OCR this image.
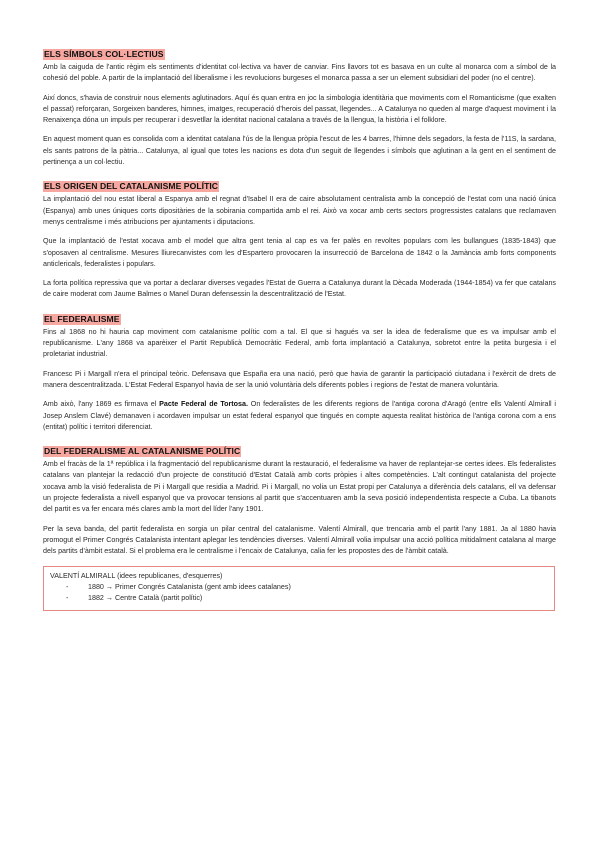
ELS SÍMBOLS COL·LECTIUS

Amb la caiguda de l'antic règim els sentiments d'identitat col·lectiva va haver de canviar. Fins llavors tot es basava en un culte al monarca com a símbol de la cohesió del poble. A partir de la implantació del liberalisme i les revolucions burgeses el monarca passa a ser un element subsidiari del poder (no el centre).

Així doncs, s'havia de construir nous elements aglutinadors. Aquí és quan entra en joc la simbologia identitària que moviments com el Romanticisme (que exalten el passat) reforçaran, Sorgeixen banderes, himnes, imatges, recuperació d'herois del passat, llegendes... A Catalunya no queden al marge d'aquest moviment i la Renaixença dóna un impuls per recuperar i desvetllar la identitat nacional catalana a través de la llengua, la història i el folklore.

En aquest moment quan es consolida com a identitat catalana l'ús de la llengua pròpia l'escut de les 4 barres, l'himne dels segadors, la festa de l'11S, la sardana, els sants patrons de la pàtria... Catalunya, al igual que totes les nacions es dota d'un seguit de llegendes i símbols que aglutinan a la gent en el sentiment de pertinença a un col·lectiu.

ELS ORIGEN DEL CATALANISME POLÍTIC

La implantació del nou estat liberal a Espanya amb el regnat d'Isabel II era de caire absolutament centralista amb la concepció de l'estat com una nació única (Espanya) amb unes úniques corts dipositàries de la sobirania compartida amb el rei. Això va xocar amb certs sectors progressistes catalans que reclamaven menys centralisme i més atribucions per ajuntaments i diputacions.

Que la implantació de l'estat xocava amb el model que altra gent tenia al cap es va fer palès en revoltes populars com les bullangues (1835-1843) que s'oposaven al centralisme. Mesures lliurecanvistes com les d'Espartero provocaren la insurrecció de Barcelona de 1842 o la Jamància amb forts components anticlericals, federalistes i populars.

La forta política repressiva que va portar a declarar diverses vegades l'Estat de Guerra a Catalunya durant la Dècada Moderada (1944-1854) va fer que catalans de caire moderat com Jaume Balmes o Manel Duran defensessin la descentralització de l'Estat.

EL FEDERALISME

Fins al 1868 no hi hauria cap moviment com catalanisme polític com a tal. El que si hagués va ser la idea de federalisme que es va impulsar amb el republicanisme. L'any 1868 va aparèixer el Partit Republicà Democràtic Federal, amb forta implantació a Catalunya, sobretot entre la petita burgesia i el proletariat industrial.

Francesc Pi i Margall n'era el principal teòric. Defensava que España era una nació, però que havia de garantir la participació ciutadana i l'exèrcit de drets de manera descentralitzada. L'Estat Federal Espanyol havia de ser la unió voluntària dels diferents pobles i regions de l'estat de manera voluntària.

Amb això, l'any 1869 es firmava el Pacte Federal de Tortosa. On federalistes de les diferents regions de l'antiga corona d'Aragó (entre ells Valentí Almirall i Josep Anslem Clavé) demanaven i acordaven impulsar un estat federal espanyol que tingués en compte aquesta realitat històrica de l'antiga corona com a ens (entitat) polític i territori diferenciat.

DEL FEDERALISME AL CATALANISME POLÍTIC

Amb el fracàs de la 1ª república i la fragmentació del republicanisme durant la restauració, el federalisme va haver de replantejar-se certes idees. Els federalistes catalans van plantejar la redacció d'un projecte de constitució d'Estat Català amb corts pròpies i altes competències. L'alt contingut catalanista del projecte xocava amb la visió federalista de Pi i Margall que residia a Madrid. Pi i Margall, no volia un Estat propi per Catalunya a diferència dels catalans, ell va defensar un projecte federalista a nivell espanyol que va provocar tensions al partit que s'accentuaren amb la seva posició independentista respecte a Cuba. La tibanots del partit es va fer encara més clares amb la mort del líder l'any 1901.

Per la seva banda, del partit federalista en sorgia un pilar central del catalanisme. Valentí Almirall, que trencaria amb el partit l'any 1881. Ja al 1880 havia promogut el Primer Congrés Catalanista intentant aplegar les tendències diverses. Valentí Almirall volia impulsar una acció política mitidalment catalana al marge dels partits d'àmbit estatal. Si el problema era le centralisme i l'encaix de Catalunya, calia fer les propostes des de l'àmbit català.

VALENTÍ ALMIRALL (idees republicanes, d'esquerres)
-	1880 → Primer Congrés Catalanista (gent amb idees catalanes)
-	1882 → Centre Català (partit polític)
